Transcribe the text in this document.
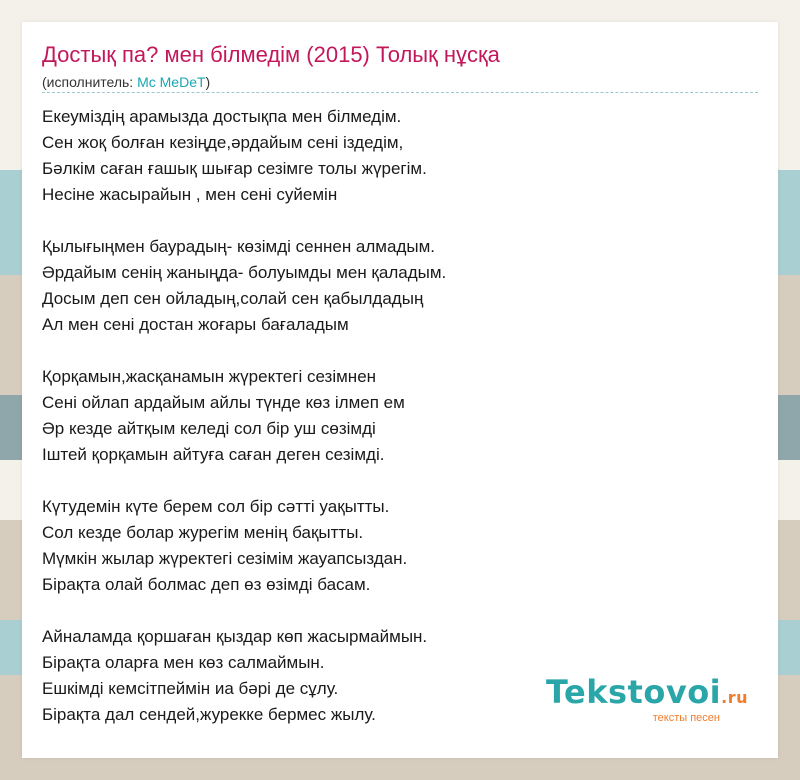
Достық па? мен білмедім (2015) Толық нұсқа
(исполнитель: Mc MeDeT)
Екеуміздің арамызда достықпа мен білмедім.
Сен жоқ болған кезіңде,әрдайым сені іздедім,
Бәлкім саған ғашық шығар сезімге толы жүрегім.
Несіне жасырайын , мен сені суйемін
Қылығыңмен баурадың- көзімді сеннен алмадым.
Әрдайым сенің жаныңда- болуымды мен қаладым.
Досым деп сен ойладың,солай сен қабылдадың
Ал мен сені достан жоғары бағаладым
Қорқамын,жасқанамын жүректегі сезімнен
Сені ойлап ардайым айлы түнде көз ілмеп ем
Әр кезде айтқым келеді сол бір уш сөзімді
Іштей қорқамын айтуға саған деген сезімді.
Күтудемін күте берем сол бір сәтті уақытты.
Сол кезде болар журегім менің бақытты.
Мүмкін жылар жүректегі сезімім жауапсыздан.
Бірақта олай болмас деп өз өзімді басам.
Айналамда қоршаған қыздар көп жасырмаймын.
Бірақта оларға мен көз салмаймын.
Ешкімді кемсітпеймін иа бәрі де сұлу.
Бірақта дал сендей,журекке бермес жылу.
Tekstovoi.ru
тексты песен
